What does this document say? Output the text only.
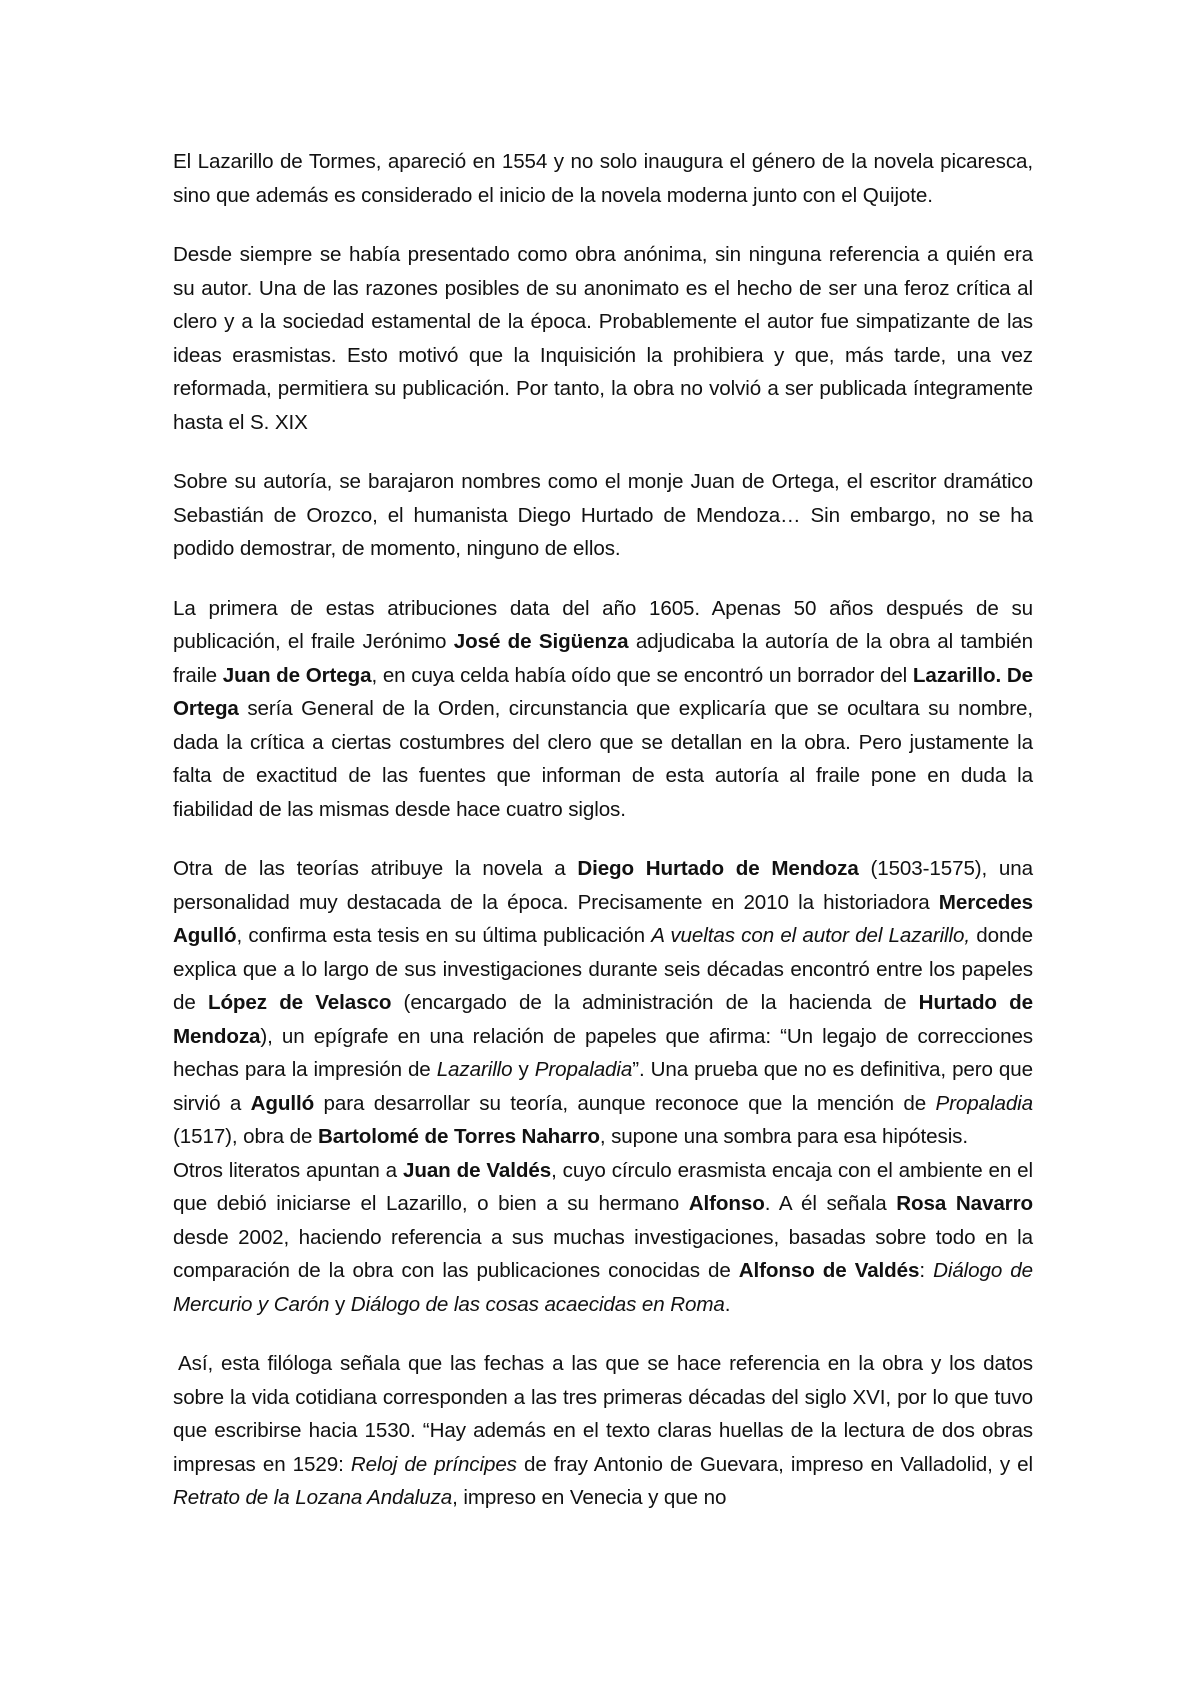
El Lazarillo de Tormes, apareció en 1554 y no solo inaugura el género de la novela picaresca, sino que además es considerado el inicio de la novela moderna junto con el Quijote.

Desde siempre se había presentado como obra anónima, sin ninguna referencia a quién era su autor. Una de las razones posibles de su anonimato es el hecho de ser una feroz crítica al clero y a la sociedad estamental de la época. Probablemente el autor fue simpatizante de las ideas erasmistas. Esto motivó que la Inquisición la prohibiera y que, más tarde, una vez reformada, permitiera su publicación. Por tanto, la obra no volvió a ser publicada íntegramente hasta el S. XIX

Sobre su autoría, se barajaron nombres como el monje Juan de Ortega, el escritor dramático Sebastián de Orozco, el humanista Diego Hurtado de Mendoza… Sin embargo, no se ha podido demostrar, de momento, ninguno de ellos.

La primera de estas atribuciones data del año 1605. Apenas 50 años después de su publicación, el fraile Jerónimo José de Sigüenza adjudicaba la autoría de la obra al también fraile Juan de Ortega, en cuya celda había oído que se encontró un borrador del Lazarillo. De Ortega sería General de la Orden, circunstancia que explicaría que se ocultara su nombre, dada la crítica a ciertas costumbres del clero que se detallan en la obra. Pero justamente la falta de exactitud de las fuentes que informan de esta autoría al fraile pone en duda la fiabilidad de las mismas desde hace cuatro siglos.

Otra de las teorías atribuye la novela a Diego Hurtado de Mendoza (1503-1575), una personalidad muy destacada de la época. Precisamente en 2010 la historiadora Mercedes Agulló, confirma esta tesis en su última publicación A vueltas con el autor del Lazarillo, donde explica que a lo largo de sus investigaciones durante seis décadas encontró entre los papeles de López de Velasco (encargado de la administración de la hacienda de Hurtado de Mendoza), un epígrafe en una relación de papeles que afirma: “Un legajo de correcciones hechas para la impresión de Lazarillo y Propaladia”. Una prueba que no es definitiva, pero que sirvió a Agulló para desarrollar su teoría, aunque reconoce que la mención de Propaladia (1517), obra de Bartolomé de Torres Naharro, supone una sombra para esa hipótesis.

Otros literatos apuntan a Juan de Valdés, cuyo círculo erasmista encaja con el ambiente en el que debió iniciarse el Lazarillo, o bien a su hermano Alfonso. A él señala Rosa Navarro desde 2002, haciendo referencia a sus muchas investigaciones, basadas sobre todo en la comparación de la obra con las publicaciones conocidas de Alfonso de Valdés: Diálogo de Mercurio y Carón y Diálogo de las cosas acaecidas en Roma.

Así, esta filóloga señala que las fechas a las que se hace referencia en la obra y los datos sobre la vida cotidiana corresponden a las tres primeras décadas del siglo XVI, por lo que tuvo que escribirse hacia 1530. “Hay además en el texto claras huellas de la lectura de dos obras impresas en 1529: Reloj de príncipes de fray Antonio de Guevara, impreso en Valladolid, y el Retrato de la Lozana Andaluza, impreso en Venecia y que no
